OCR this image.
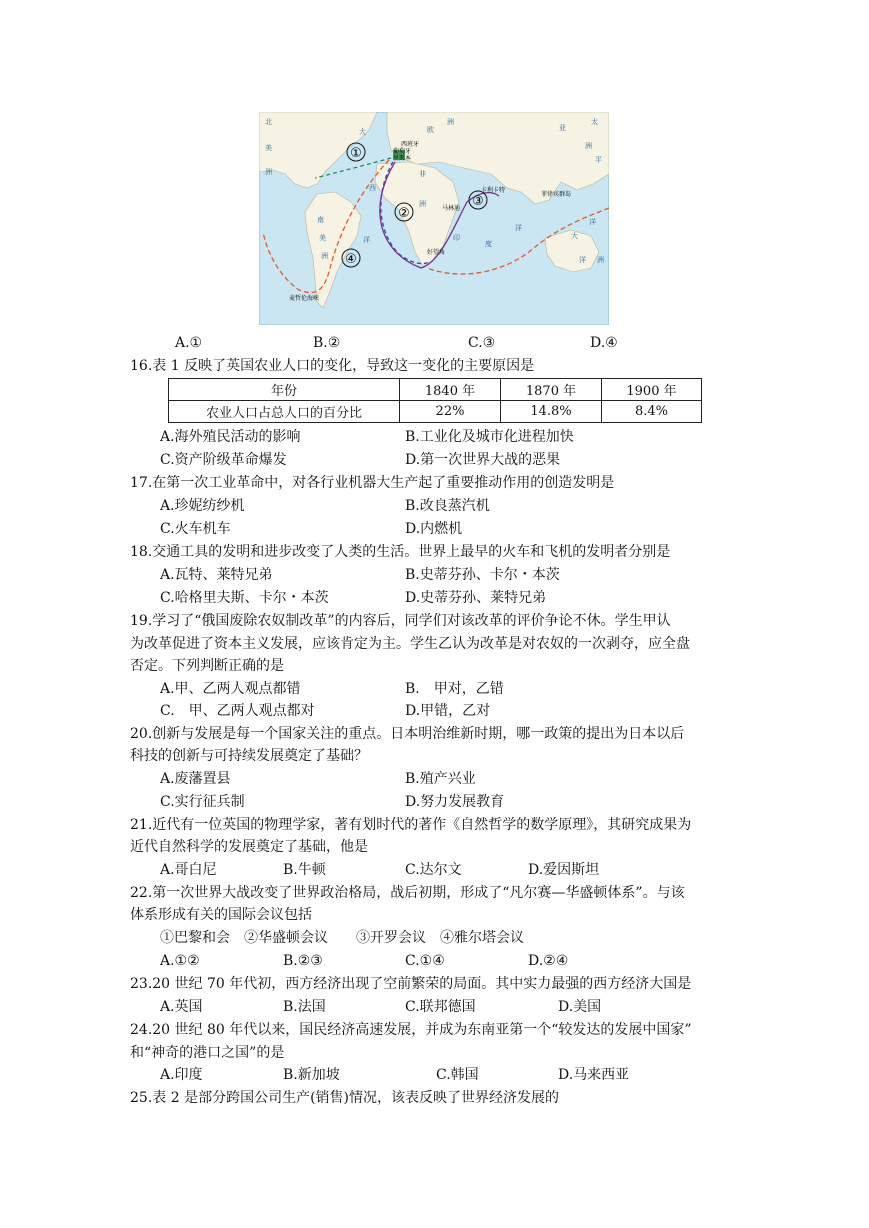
北
美
洲
大
西
洋
南
美
洲
非
洲
印
度
洋
太
平
洋
大
洋 洲
亚
洲
欧
洲
①
②
③
④
西班牙
葡萄牙
里斯本
马林迪
卡利卡特
好望角
麦哲伦海峡
菲律宾群岛
A.①	B.②	C.③	D.④
16.表 1 反映了英国农业人口的变化，导致这一变化的主要原因是
年份	1840 年	1870 年	1900 年
农业人口占总人口的百分比	22%	14.8%	8.4%
A.海外殖民活动的影响	B.工业化及城市化进程加快
C.资产阶级革命爆发	D.第一次世界大战的恶果
17.在第一次工业革命中，对各行业机器大生产起了重要推动作用的创造发明是
A.珍妮纺纱机	B.改良蒸汽机
C.火车机车	D.内燃机
18.交通工具的发明和进步改变了人类的生活。世界上最早的火车和飞机的发明者分别是
A.瓦特、莱特兄弟	B.史蒂芬孙、卡尔・本茨
C.哈格里夫斯、卡尔・本茨	D.史蒂芬孙、莱特兄弟
19.学习了“俄国废除农奴制改革”的内容后，同学们对该改革的评价争论不休。学生甲认
为改革促进了资本主义发展，应该肯定为主。学生乙认为改革是对农奴的一次剥夺，应全盘
否定。下列判断正确的是
A.甲、乙两人观点都错	B.　甲对，乙错
C.　甲、乙两人观点都对	D.甲错，乙对
20.创新与发展是每一个国家关注的重点。日本明治维新时期，哪一政策的提出为日本以后
科技的创新与可持续发展奠定了基础？
A.废藩置县	B.殖产兴业
C.实行征兵制	D.努力发展教育
21.近代有一位英国的物理学家，著有划时代的著作《自然哲学的数学原理》，其研究成果为
近代自然科学的发展奠定了基础，他是
A.哥白尼	B.牛顿	C.达尔文	D.爱因斯坦
22.第一次世界大战改变了世界政治格局，战后初期，形成了“凡尔赛—华盛顿体系”。与该
体系形成有关的国际会议包括
①巴黎和会　②华盛顿会议　　③开罗会议　④雅尔塔会议
A.①②	B.②③	C.①④	D.②④
23.20 世纪 70 年代初，西方经济出现了空前繁荣的局面。其中实力最强的西方经济大国是
A.英国	B.法国	C.联邦德国	D.美国
24.20 世纪 80 年代以来，国民经济高速发展，并成为东南亚第一个“较发达的发展中国家”
和“神奇的港口之国”的是
A.印度	B.新加坡	C.韩国	D.马来西亚
25.表 2 是部分跨国公司生产(销售)情况，该表反映了世界经济发展的
